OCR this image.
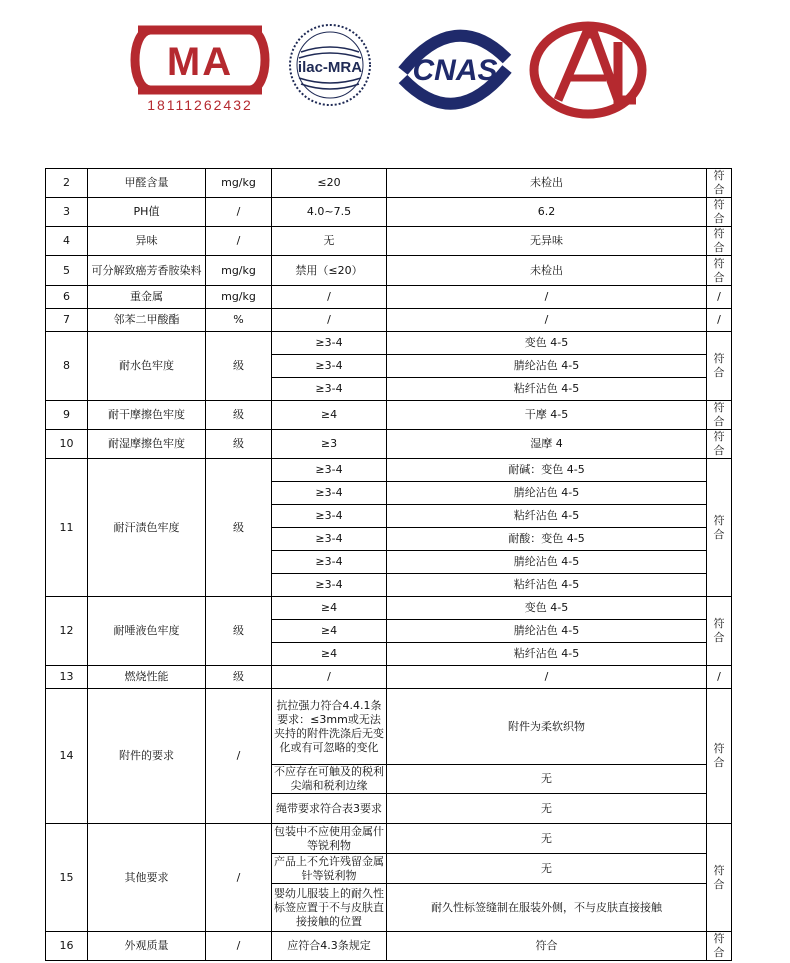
MA
18111262432
ilac-MRA CNAS
2	甲醛含量	mg/kg	≤20	未检出	符合
3	PH值	/	4.0~7.5	6.2	符合
4	异味	/	无	无异味	符合
5	可分解致癌芳香胺染料	mg/kg	禁用（≤20）	未检出	符合
6	重金属	mg/kg	/	/	/
7	邻苯二甲酸酯	%	/	/	/
8	耐水色牢度	级	≥3-4	变色 4-5	符合
			≥3-4	腈纶沾色 4-5	
			≥3-4	粘纤沾色 4-5	
9	耐干摩擦色牢度	级	≥4	干摩 4-5	符合
10	耐湿摩擦色牢度	级	≥3	湿摩 4	符合
11	耐汗渍色牢度	级	≥3-4	耐碱：变色 4-5	符合
			≥3-4	腈纶沾色 4-5	
			≥3-4	粘纤沾色 4-5	
			≥3-4	耐酸：变色 4-5	
			≥3-4	腈纶沾色 4-5	
			≥3-4	粘纤沾色 4-5	
12	耐唾液色牢度	级	≥4	变色 4-5	符合
			≥4	腈纶沾色 4-5	
			≥4	粘纤沾色 4-5	
13	燃烧性能	级	/	/	/
14	附件的要求	/	抗拉强力符合4.4.1条要求：≤3mm或无法夹持的附件洗涤后无变化或有可忽略的变化	附件为柔软织物	符合
			不应存在可触及的税利尖端和税利边缘	无	
			绳带要求符合表3要求	无	
15	其他要求	/	包装中不应使用金属什等锐利物	无	符合
			产品上不允许残留金属针等锐利物	无	
			婴幼儿服装上的耐久性标签应置于不与皮肤直接接触的位置	耐久性标签缝制在服装外侧，不与皮肤直接接触	
16	外观质量	/	应符合4.3条规定	符合	符合
